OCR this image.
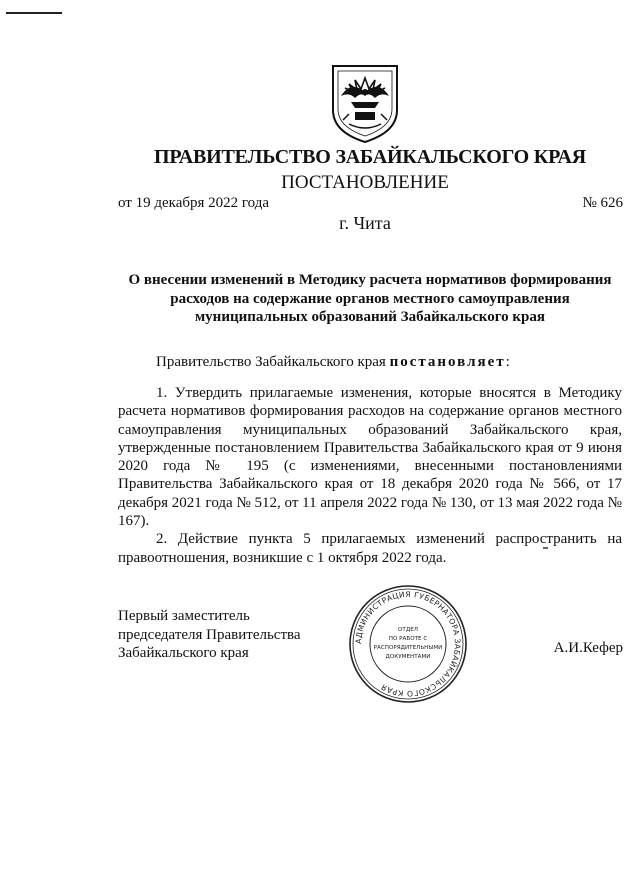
ПРАВИТЕЛЬСТВО ЗАБАЙКАЛЬСКОГО КРАЯ
ПОСТАНОВЛЕНИЕ
от 19 декабря 2022 года	№ 626
г. Чита
О внесении изменений в Методику расчета нормативов формирования расходов на содержание органов местного самоуправления муниципальных образований Забайкальского края
Правительство Забайкальского края постановляет:

1. Утвердить прилагаемые изменения, которые вносятся в Методику расчета нормативов формирования расходов на содержание органов местного самоуправления муниципальных образований Забайкальского края, утвержденные постановлением Правительства Забайкальского края от 9 июня 2020 года № 195 (с изменениями, внесенными постановлениями Правительства Забайкальского края от 18 декабря 2020 года № 566, от 17 декабря 2021 года № 512, от 11 апреля 2022 года № 130, от 13 мая 2022 года № 167).

2. Действие пункта 5 прилагаемых изменений распространить на правоотношения, возникшие с 1 октября 2022 года.

Первый заместитель
председателя Правительства
Забайкальского края
АДМИНИСТРАЦИЯ ГУБЕРНАТОРА ЗАБАЙКАЛЬСКОГО КРАЯ
ОТДЕЛ
ПО РАБОТЕ С
РАСПОРЯДИТЕЛЬНЫМИ
ДОКУМЕНТАМИ
А.И.Кефер
